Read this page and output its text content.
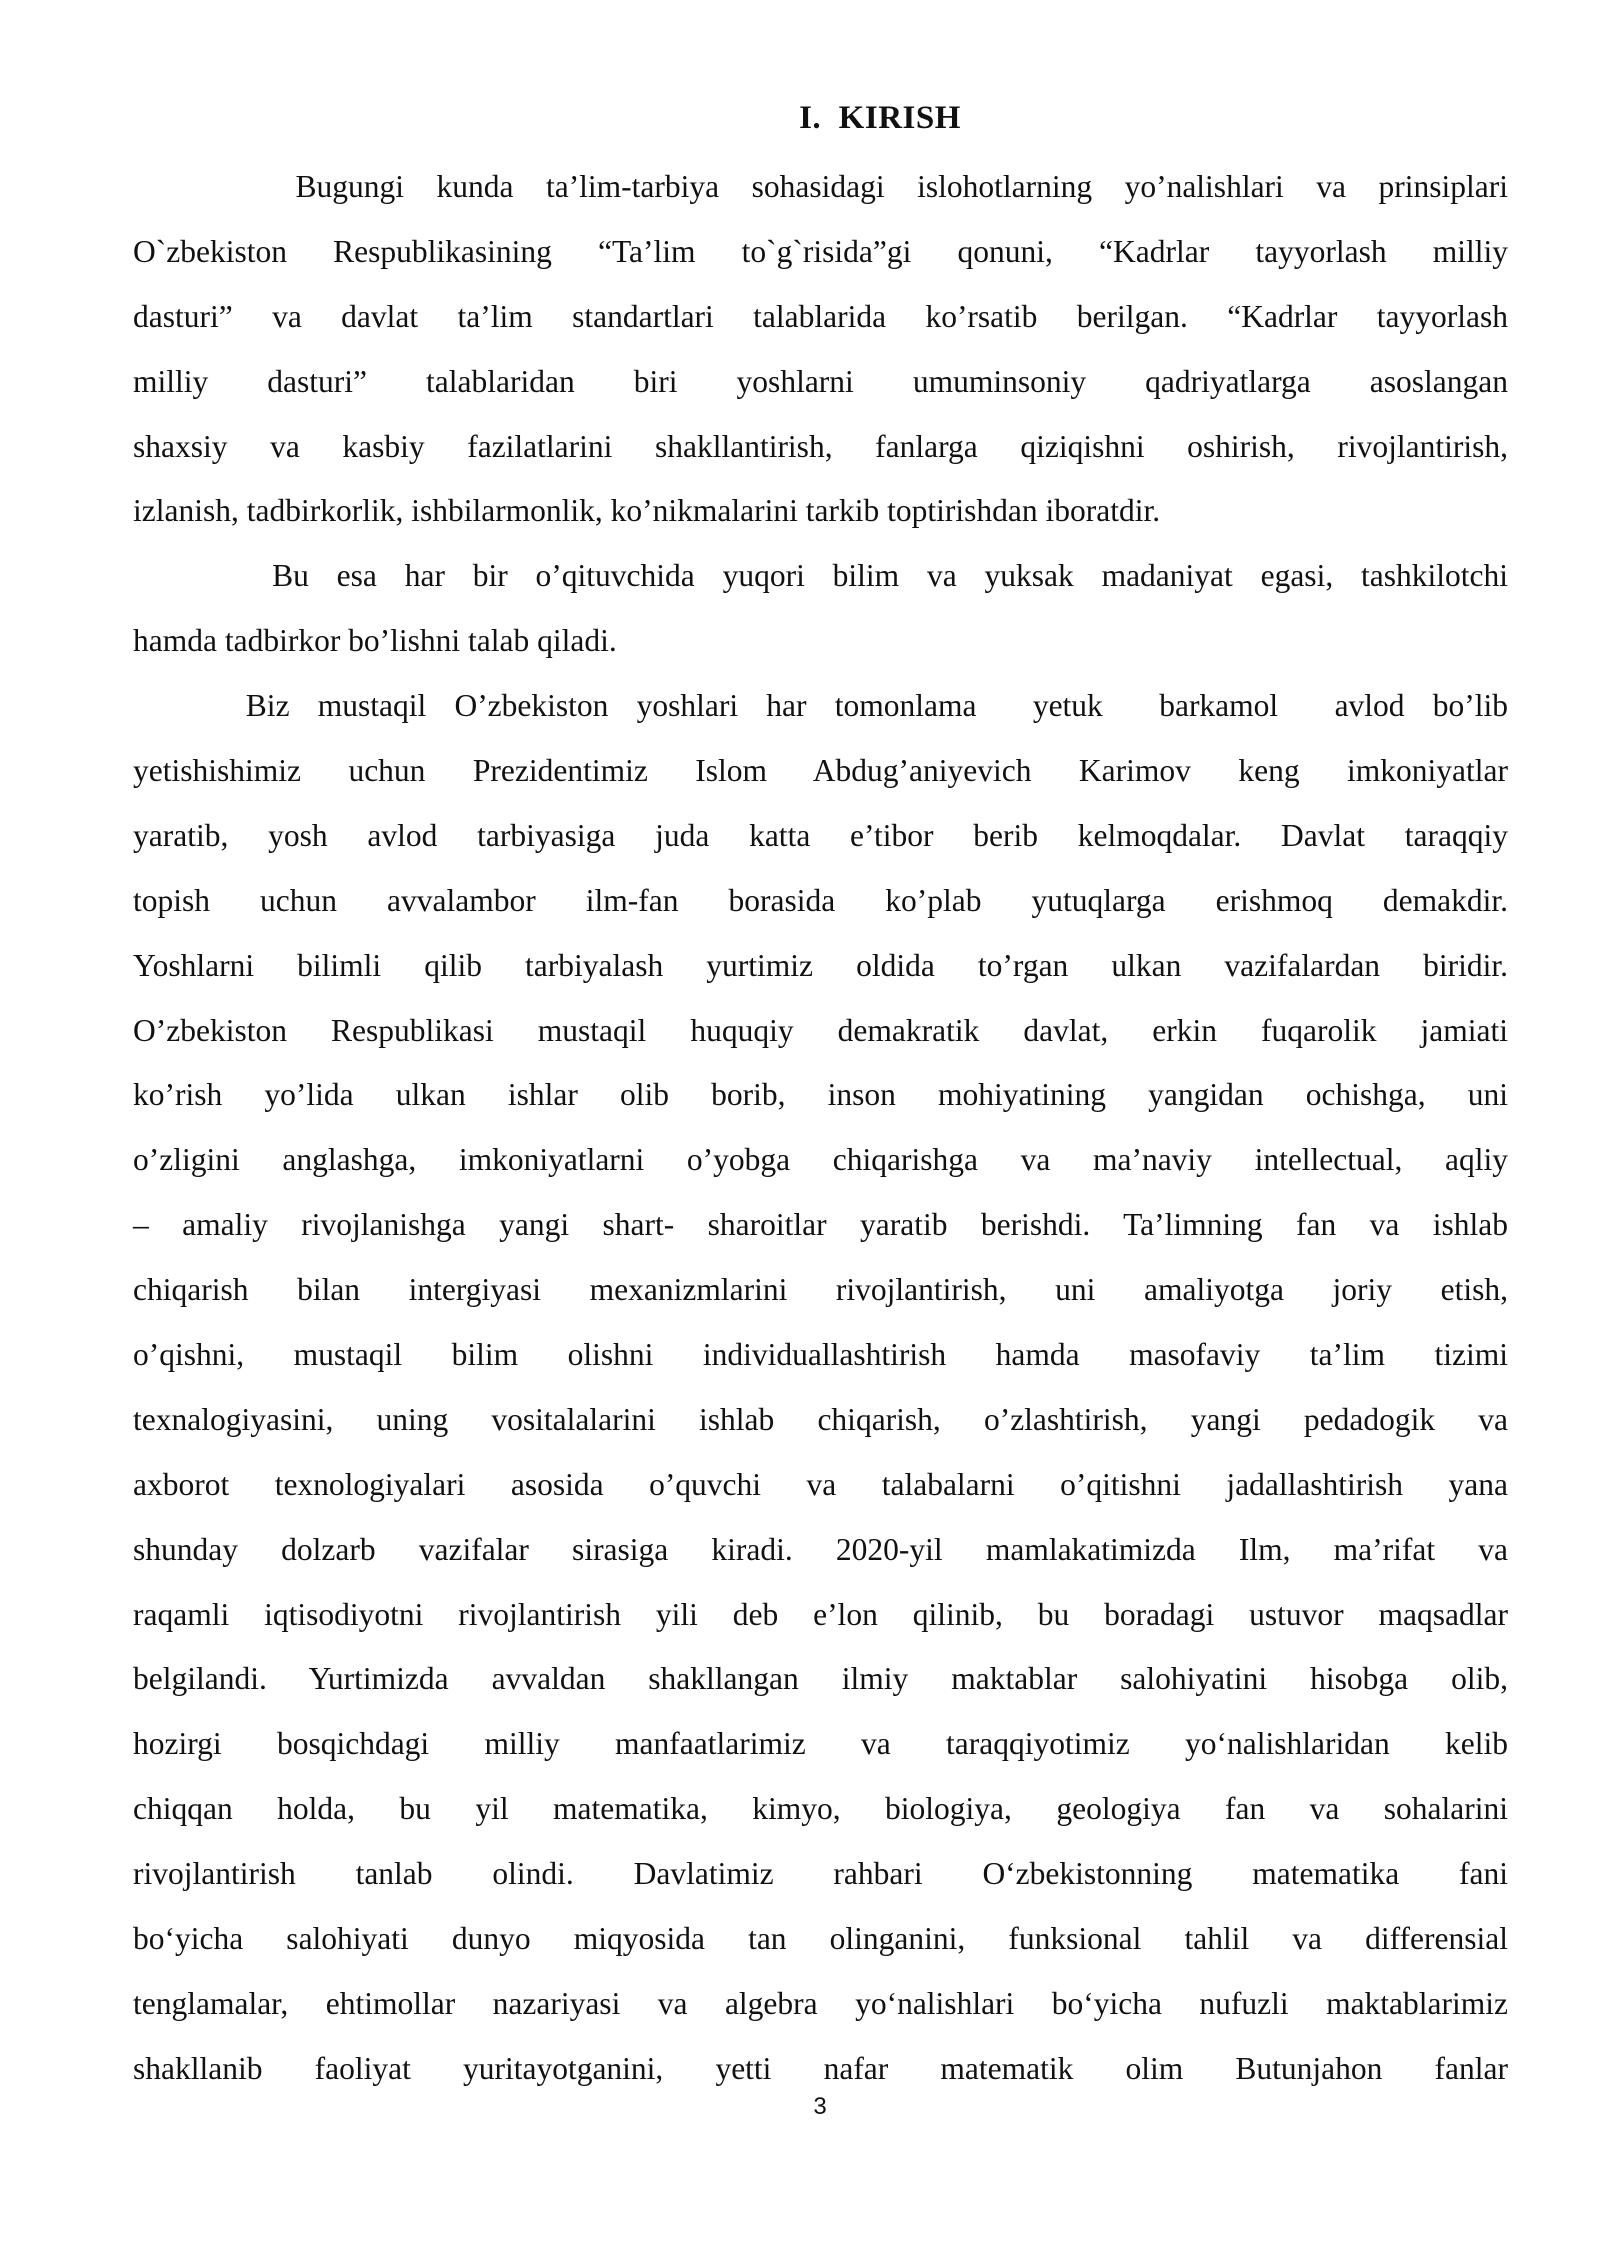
I.  KIRISH
Bugungi kunda ta’lim-tarbiya sohasidagi islohotlarning yo’nalishlari va prinsiplari
O`zbekiston Respublikasining “Ta’lim to`g`risida”gi qonuni, “Kadrlar tayyorlash milliy
dasturi” va davlat ta’lim standartlari talablarida ko’rsatib berilgan. “Kadrlar tayyorlash
milliy dasturi” talablaridan biri yoshlarni umuminsoniy qadriyatlarga asoslangan
shaxsiy va kasbiy fazilatlarini shakllantirish, fanlarga qiziqishni oshirish, rivojlantirish,
izlanish, tadbirkorlik, ishbilarmonlik, ko’nikmalarini tarkib toptirishdan iboratdir.
Bu esa har bir o’qituvchida yuqori bilim va yuksak madaniyat egasi, tashkilotchi
hamda tadbirkor bo’lishni talab qiladi.
Biz mustaqil O’zbekiston yoshlari har tomonlama  yetuk  barkamol  avlod bo’lib
yetishishimiz uchun Prezidentimiz Islom Abdug’aniyevich Karimov keng imkoniyatlar
yaratib, yosh avlod tarbiyasiga juda katta e’tibor berib kelmoqdalar. Davlat taraqqiy
topish uchun avvalambor ilm-fan borasida ko’plab yutuqlarga erishmoq demakdir.
Yoshlarni bilimli qilib tarbiyalash yurtimiz oldida to’rgan ulkan vazifalardan biridir.
O’zbekiston Respublikasi mustaqil huquqiy demakratik davlat, erkin fuqarolik jamiati
ko’rish yo’lida ulkan ishlar olib borib, inson mohiyatining yangidan ochishga, uni
o’zligini anglashga, imkoniyatlarni o’yobga chiqarishga va ma’naviy intellectual, aqliy
– amaliy rivojlanishga yangi shart- sharoitlar yaratib berishdi. Ta’limning fan va ishlab
chiqarish bilan intergiyasi mexanizmlarini rivojlantirish, uni amaliyotga joriy etish,
o’qishni, mustaqil bilim olishni individuallashtirish hamda masofaviy ta’lim tizimi
texnalogiyasini, uning vositalalarini ishlab chiqarish, o’zlashtirish, yangi pedadogik va
axborot texnologiyalari asosida o’quvchi va talabalarni o’qitishni jadallashtirish yana
shunday dolzarb vazifalar sirasiga kiradi. 2020-yil mamlakatimizda Ilm, ma’rifat va
raqamli iqtisodiyotni rivojlantirish yili deb e’lon qilinib, bu boradagi ustuvor maqsadlar
belgilandi. Yurtimizda avvaldan shakllangan ilmiy maktablar salohiyatini hisobga olib,
hozirgi bosqichdagi milliy manfaatlarimiz va taraqqiyotimiz yo‘nalishlaridan kelib
chiqqan holda, bu yil matematika, kimyo, biologiya, geologiya fan va sohalarini
rivojlantirish tanlab olindi. Davlatimiz rahbari O‘zbekistonning matematika fani
bo‘yicha salohiyati dunyo miqyosida tan olinganini, funksional tahlil va differensial
tenglamalar, ehtimollar nazariyasi va algebra yo‘nalishlari bo‘yicha nufuzli maktablarimiz
shakllanib faoliyat yuritayotganini, yetti nafar matematik olim Butunjahon fanlar
3
